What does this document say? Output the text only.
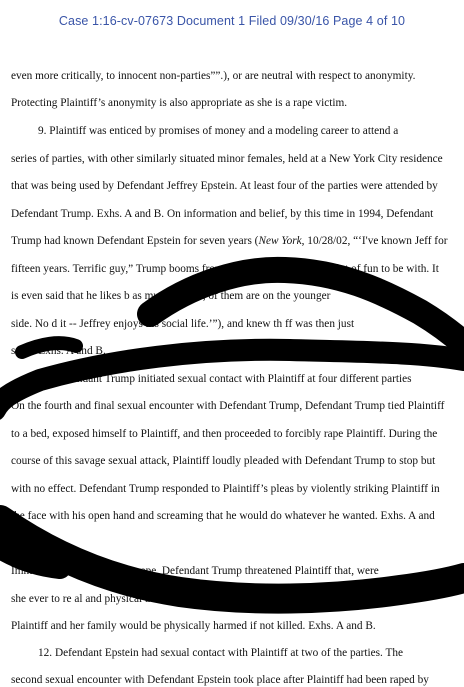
Case 1:16-cv-07673 Document 1 Filed 09/30/16 Page 4 of 10
even more critically, to innocent non-parties””.), or are neutral with respect to anonymity.
Protecting Plaintiff’s anonymity is also appropriate as she is a rape victim.
9. Plaintiff was enticed by promises of money and a modeling career to attend a
series of parties, with other similarly situated minor females, held at a New York City residence
that was being used by Defendant Jeffrey Epstein. At least four of the parties were attended by
Defendant Trump. Exhs. A and B. On information and belief, by this time in 1994, Defendant
Trump had known Defendant Epstein for seven years (New York, 10/28/02, “‘I've known Jeff for
fifteen years. Terrific guy,” Trump booms from a speakerphone. ‘He's a lot of fun to be with. It
is even said that he likes b as much as I do, of them are on the younger
side. No d it -- Jeffrey enjoys his social life.’”), and knew th ff was then just
s old. Exhs. A and B.
10. Defendant Trump initiated sexual contact with Plaintiff at four different parties
On the fourth and final sexual encounter with Defendant Trump, Defendant Trump tied Plaintiff
to a bed, exposed himself to Plaintiff, and then proceeded to forcibly rape Plaintiff. During the
course of this savage sexual attack, Plaintiff loudly pleaded with Defendant Trump to stop but
with no effect. Defendant Trump responded to Plaintiff’s pleas by violently striking Plaintiff in
the face with his open hand and screaming that he would do whatever he wanted. Exhs. A and
B.
Immediately following this rape, Defendant Trump threatened Plaintiff that, were
she ever to re al and physical abuse of her by Defendant Trump,
Plaintiff and her family would be physically harmed if not killed. Exhs. A and B.
12. Defendant Epstein had sexual contact with Plaintiff at two of the parties. The
second sexual encounter with Defendant Epstein took place after Plaintiff had been raped by
